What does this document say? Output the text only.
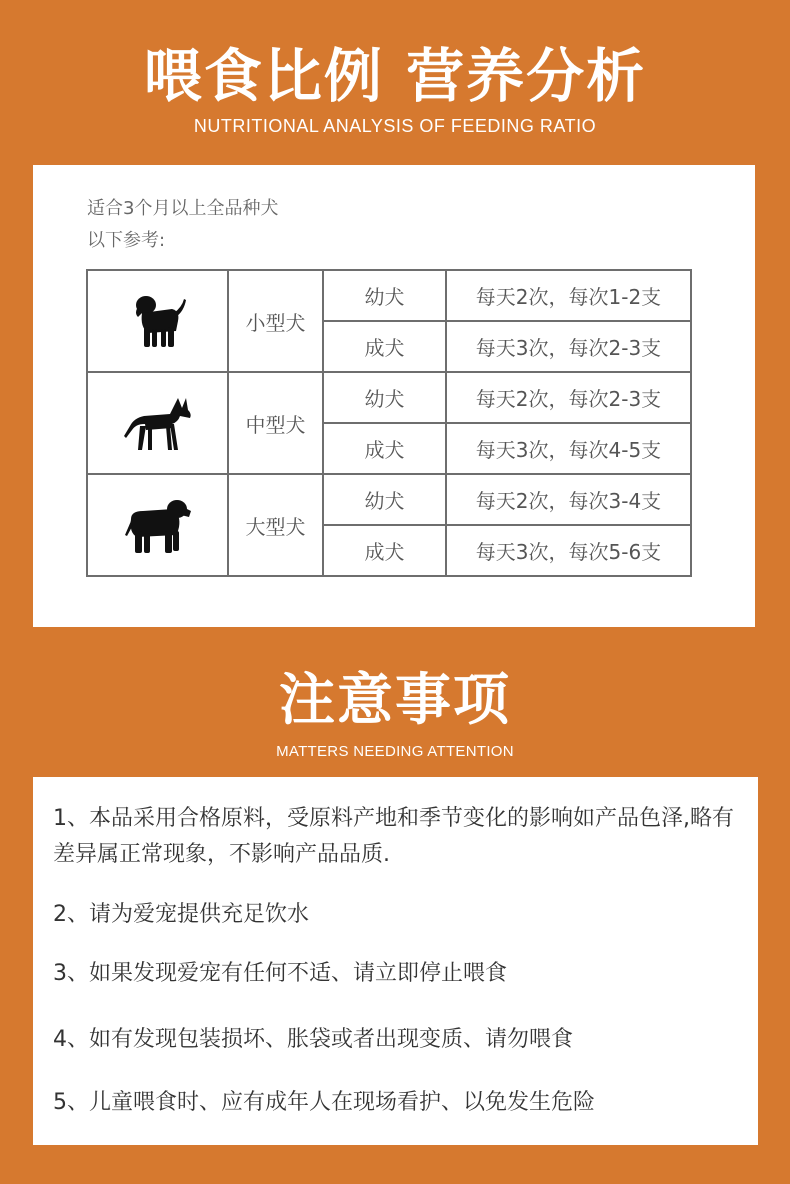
喂食比例 营养分析
NUTRITIONAL ANALYSIS OF FEEDING RATIO
适合3个月以上全品种犬
以下参考:
	小型犬	幼犬	每天2次，每次1-2支
		成犬	每天3次，每次2-3支

	中型犬	幼犬	每天2次，每次2-3支
		成犬	每天3次，每次4-5支

	大型犬	幼犬	每天2次，每次3-4支
		成犬	每天3次，每次5-6支
注意事项
MATTERS NEEDING ATTENTION
1、本品采用合格原料，受原料产地和季节变化的影响如产品色泽,略有差异属正常现象，不影响产品品质.
2、请为爱宠提供充足饮水
3、如果发现爱宠有任何不适、请立即停止喂食
4、如有发现包装损坏、胀袋或者出现变质、请勿喂食
5、儿童喂食时、应有成年人在现场看护、以免发生危险
